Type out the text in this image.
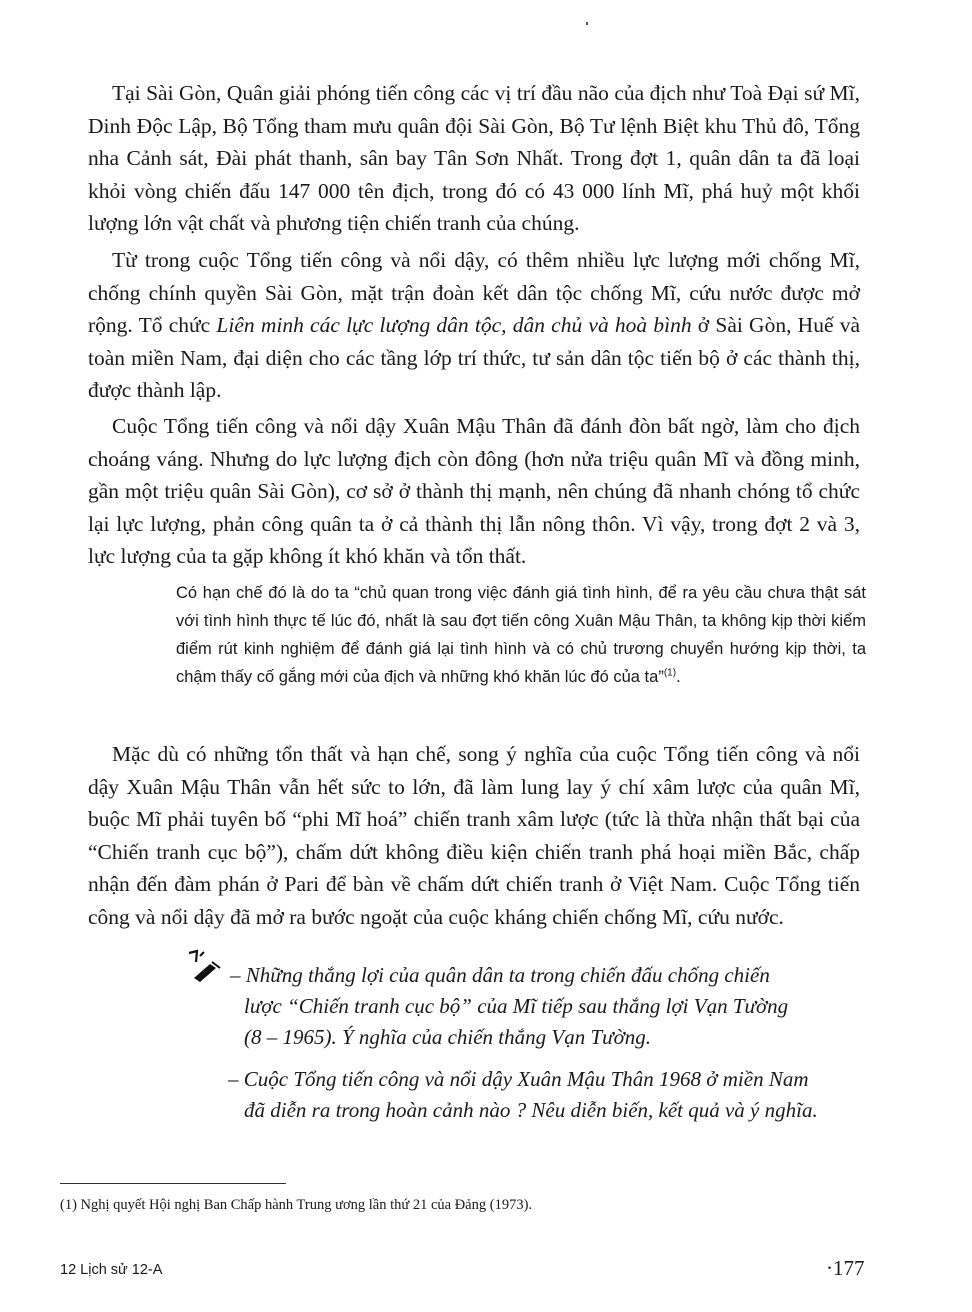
Tại Sài Gòn, Quân giải phóng tiến công các vị trí đầu não của địch như Toà Đại sứ Mĩ, Dinh Độc Lập, Bộ Tổng tham mưu quân đội Sài Gòn, Bộ Tư lệnh Biệt khu Thủ đô, Tổng nha Cảnh sát, Đài phát thanh, sân bay Tân Sơn Nhất. Trong đợt 1, quân dân ta đã loại khỏi vòng chiến đấu 147 000 tên địch, trong đó có 43 000 lính Mĩ, phá huỷ một khối lượng lớn vật chất và phương tiện chiến tranh của chúng.

Từ trong cuộc Tổng tiến công và nổi dậy, có thêm nhiều lực lượng mới chống Mĩ, chống chính quyền Sài Gòn, mặt trận đoàn kết dân tộc chống Mĩ, cứu nước được mở rộng. Tổ chức Liên minh các lực lượng dân tộc, dân chủ và hoà bình ở Sài Gòn, Huế và toàn miền Nam, đại diện cho các tầng lớp trí thức, tư sản dân tộc tiến bộ ở các thành thị, được thành lập.

Cuộc Tổng tiến công và nổi dậy Xuân Mậu Thân đã đánh đòn bất ngờ, làm cho địch choáng váng. Nhưng do lực lượng địch còn đông (hơn nửa triệu quân Mĩ và đồng minh, gần một triệu quân Sài Gòn), cơ sở ở thành thị mạnh, nên chúng đã nhanh chóng tổ chức lại lực lượng, phản công quân ta ở cả thành thị lẫn nông thôn. Vì vậy, trong đợt 2 và 3, lực lượng của ta gặp không ít khó khăn và tổn thất.

Có hạn chế đó là do ta “chủ quan trong việc đánh giá tình hình, để ra yêu cầu chưa thật sát với tình hình thực tế lúc đó, nhất là sau đợt tiến công Xuân Mậu Thân, ta không kịp thời kiểm điểm rút kinh nghiệm để đánh giá lại tình hình và có chủ trương chuyển hướng kịp thời, ta chậm thấy cố gắng mới của địch và những khó khăn lúc đó của ta”$^{(1)}$.

Mặc dù có những tổn thất và hạn chế, song ý nghĩa của cuộc Tổng tiến công và nổi dậy Xuân Mậu Thân vẫn hết sức to lớn, đã làm lung lay ý chí xâm lược của quân Mĩ, buộc Mĩ phải tuyên bố “phi Mĩ hoá” chiến tranh xâm lược (tức là thừa nhận thất bại của “Chiến tranh cục bộ”), chấm dứt không điều kiện chiến tranh phá hoại miền Bắc, chấp nhận đến đàm phán ở Pari để bàn về chấm dứt chiến tranh ở Việt Nam. Cuộc Tổng tiến công và nổi dậy đã mở ra bước ngoặt của cuộc kháng chiến chống Mĩ, cứu nước.

– Những thắng lợi của quân dân ta trong chiến đấu chống chiến
lược “Chiến tranh cục bộ” của Mĩ tiếp sau thắng lợi Vạn Tường
(8 – 1965). Ý nghĩa của chiến thắng Vạn Tường.
– Cuộc Tổng tiến công và nổi dậy Xuân Mậu Thân 1968 ở miền Nam
đã diễn ra trong hoàn cảnh nào ? Nêu diễn biến, kết quả và ý nghĩa.
(1) Nghị quyết Hội nghị Ban Chấp hành Trung ương lần thứ 21 của Đảng (1973).
12 Lịch sử 12-A	·177
